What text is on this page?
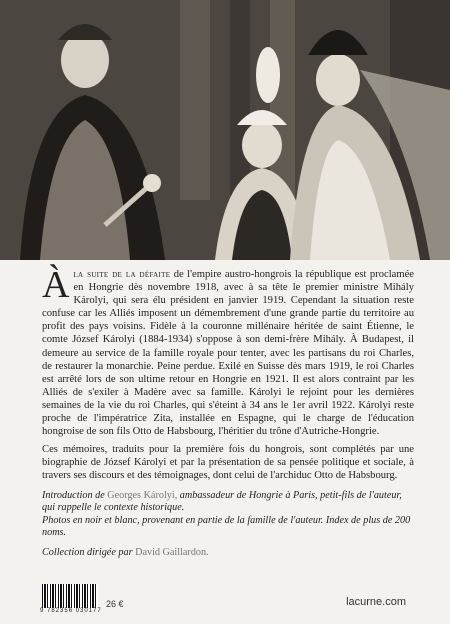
Àla suite de la défaite de l'empire austro-hongrois la république est proclamée en Hongrie dès novembre 1918, avec à sa tête le premier ministre Mihály Károlyi, qui sera élu président en janvier 1919. Cependant la situation reste confuse car les Alliés imposent un démembrement d'une grande partie du territoire au profit des pays voisins. Fidèle à la couronne millénaire héritée de saint Étienne, le comte József Károlyi (1884-1934) s'oppose à son demi-frère Mihály. À Budapest, il demeure au service de la famille royale pour tenter, avec les partisans du roi Charles, de restaurer la monarchie. Peine perdue. Exilé en Suisse dès mars 1919, le roi Charles est arrêté lors de son ultime retour en Hongrie en 1921. Il est alors contraint par les Alliés de s'exiler à Madère avec sa famille. Károlyi le rejoint pour les dernières semaines de la vie du roi Charles, qui s'éteint à 34 ans le 1er avril 1922. Károlyi reste proche de l'impératrice Zita, installée en Espagne, qui le charge de l'éducation hongroise de son fils Otto de Habsbourg, l'héritier du trône d'Autriche-Hongrie.

Ces mémoires, traduits pour la première fois du hongrois, sont complétés par une biographie de József Károlyi et par la présentation de sa pensée politique et sociale, à travers ses discours et des témoignages, dont celui de l'archiduc Otto de Habsbourg.

Introduction de Georges Károlyi, ambassadeur de Hongrie à Paris, petit-fils de l'auteur, qui rappelle le contexte historique.

Photos en noir et blanc, provenant en partie de la famille de l'auteur. Index de plus de 200 noms.

Collection dirigée par David Gaillardon.

9 782356 030177
26 €	lacurne.com
